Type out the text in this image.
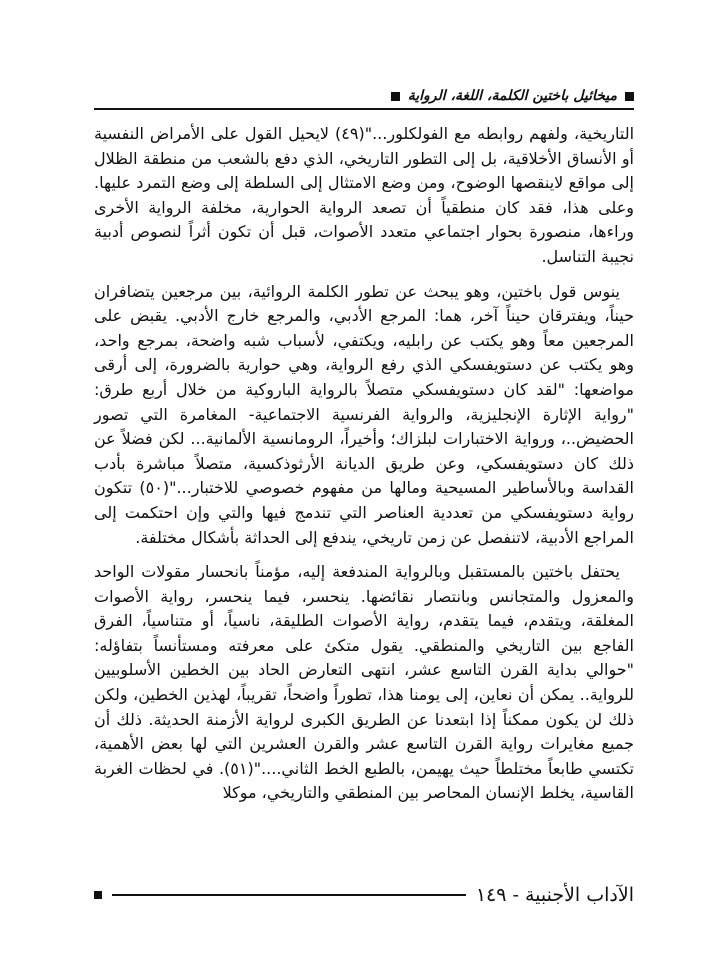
ميخائيل باختين الكلمة، اللغة، الرواية

التاريخية، ولفهم روابطه مع الفولكلور..."(٤٩) لايحيل القول على الأمراض النفسية أو الأنساق الأخلاقية، بل إلى التطور التاريخي، الذي دفع بالشعب من منطقة الظلال إلى مواقع لاينقصها الوضوح، ومن وضع الامتثال إلى السلطة إلى وضع التمرد عليها. وعلى هذا، فقد كان منطقياً أن تصعد الرواية الحوارية، مخلفة الرواية الأخرى وراءها، منصورة بحوار اجتماعي متعدد الأصوات، قبل أن تكون أثراً لنصوص أدبية نجيبة التناسل.

ينوس قول باختين، وهو يبحث عن تطور الكلمة الروائية، بين مرجعين يتضافران حيناً، ويفترقان حيناً آخر، هما: المرجع الأدبي، والمرجع خارج الأدبي. يقبض على المرجعين معاً وهو يكتب عن رابليه، ويكتفي، لأسباب شبه واضحة، بمرجع واحد، وهو يكتب عن دستويفسكي الذي رفع الرواية، وهي حوارية بالضرورة، إلى أرقى مواضعها: "لقد كان دستويفسكي متصلاً بالرواية الباروكية من خلال أربع طرق: "رواية الإثارة الإنجليزية، والرواية الفرنسية الاجتماعية- المغامرة التي تصور الحضيض..، ورواية الاختبارات لبلزاك؛ وأخيراً، الرومانسية الألمانية... لكن فضلاً عن ذلك كان دستويفسكي، وعن طريق الديانة الأرثوذكسية، متصلاً مباشرة بأدب القداسة وبالأساطير المسيحية ومالها من مفهوم خصوصي للاختبار..."(٥٠) تتكون رواية دستويفسكي من تعددية العناصر التي تندمج فيها والتي وإن احتكمت إلى المراجع الأدبية، لاتنفصل عن زمن تاريخي، يندفع إلى الحداثة بأشكال مختلفة.

يحتفل باختين بالمستقبل وبالرواية المندفعة إليه، مؤمناً بانحسار مقولات الواحد والمعزول والمتجانس وبانتصار نقائضها. ينحسر، فيما ينحسر، رواية الأصوات المغلقة، ويتقدم، فيما يتقدم، رواية الأصوات الطليقة، ناسياً، أو متناسياً، الفرق الفاجع بين التاريخي والمنطقي. يقول متكئ على معرفته ومستأنساً بتفاؤله: "حوالي بداية القرن التاسع عشر، انتهى التعارض الحاد بين الخطين الأسلوبيين للرواية.. يمكن أن نعاين، إلى يومنا هذا، تطوراً واضحاً، تقريباً، لهذين الخطين، ولكن ذلك لن يكون ممكناً إذا ابتعدنا عن الطريق الكبرى لرواية الأزمنة الحديثة. ذلك أن جميع مغايرات رواية القرن التاسع عشر والقرن العشرين التي لها بعض الأهمية، تكتسي طابعاً مختلطاً حيث يهيمن، بالطبع الخط الثاني...."(٥١). في لحظات الغربة القاسية، يخلط الإنسان المحاصر بين المنطقي والتاريخي، موكلا

الآداب الأجنبية - ١٤٩
